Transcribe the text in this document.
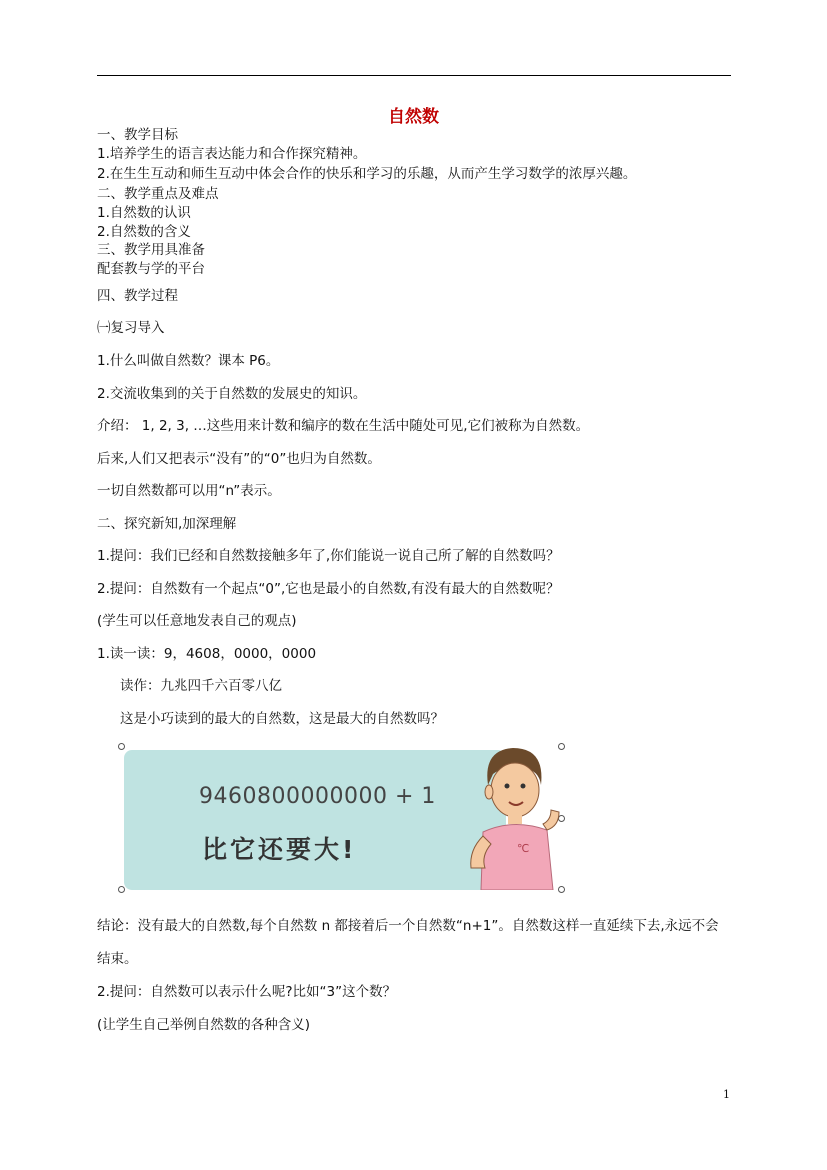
自然数
一、教学目标
1.培养学生的语言表达能力和合作探究精神。
2.在生生互动和师生互动中体会合作的快乐和学习的乐趣，从而产生学习数学的浓厚兴趣。
二、教学重点及难点
1.自然数的认识
2.自然数的含义
三、教学用具准备
配套教与学的平台
四、教学过程
㈠复习导入
1.什么叫做自然数？课本 P6。
2.交流收集到的关于自然数的发展史的知识。
介绍： 1, 2, 3, …这些用来计数和编序的数在生活中随处可见,它们被称为自然数。
后来,人们又把表示“没有”的“0”也归为自然数。
一切自然数都可以用“n”表示。
二、探究新知,加深理解
1.提问：我们已经和自然数接触多年了,你们能说一说自己所了解的自然数吗？
2.提问：自然数有一个起点“0”,它也是最小的自然数,有没有最大的自然数呢？
(学生可以任意地发表自己的观点)
1.读一读：9，4608，0000，0000
读作：九兆四千六百零八亿
这是小巧读到的最大的自然数，这是最大的自然数吗？
9460800000000 + 1
比它还要大!	℃
结论：没有最大的自然数,每个自然数 n 都接着后一个自然数“n+1”。自然数这样一直延续下去,永远不会结束。
2.提问：自然数可以表示什么呢?比如“3”这个数？
(让学生自己举例自然数的各种含义)
1
